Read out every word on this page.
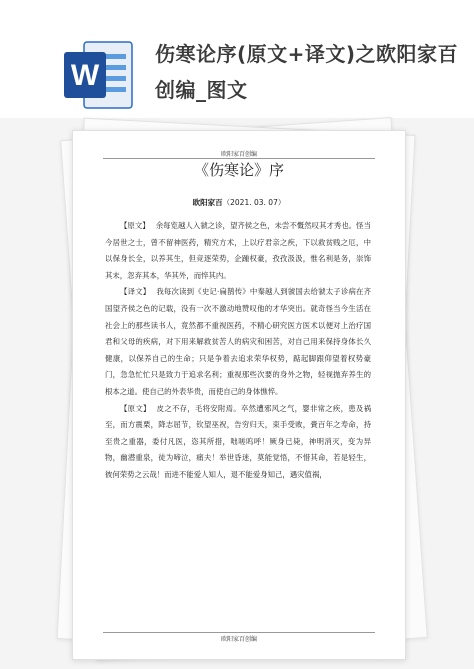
W
伤寒论序(原文+译文)之欧阳家百创编_图文
欧阳家百创编
《伤寒论》序
欧阳家百（2021. 03. 07）

【原文】 余每览越人入虢之诊，望齐侯之色，未尝不慨然叹其才秀也。怪当今居世之士，曾不留神医药，精究方术，上以疗君亲之疾，下以救贫贱之厄，中以保身长全，以养其生，但竞逐荣势，企踵权豪，孜孜汲汲，惟名利是务，崇饰其末，忽弃其本，华其外，而悴其内。

【译文】 我每次读到《史记·扁鹊传》中秦越人到虢国去给虢太子诊病在齐国望齐侯之色的记载，没有一次不激动地赞叹他的才华突出。就奇怪当今生活在社会上的那些读书人，竟然都不重视医药，不精心研究医方医术以便对上治疗国君和父母的疾病，对下用来解救贫苦人的病灾和困苦，对自己用来保持身体长久健康，以保养自己的生命；只是争着去追求荣华权势，踮起脚跟仰望着权势豪门，急急忙忙只是致力于追求名利；重视那些次要的身外之物，轻视抛弃养生的根本之道。使自己的外表华贵，而使自己的身体憔悴。

【原文】 皮之不存，毛将安附焉。卒然遭邪风之气，婴非常之疾，患及祸至，而方震栗，降志屈节，钦望巫祝，告穷归天，束手受败，賫百年之寿命，持至贵之重器，委付凡医，恣其所措，咄嗟呜呼！厥身已毙，神明消灭，变为异物，幽潜重泉，徒为啼泣，痛夫！举世昏迷，莫能觉悟，不惜其命，若是轻生，彼何荣势之云哉！而进不能爱人知人，退不能爱身知己，遇灾值祸，

欧阳家百创编
